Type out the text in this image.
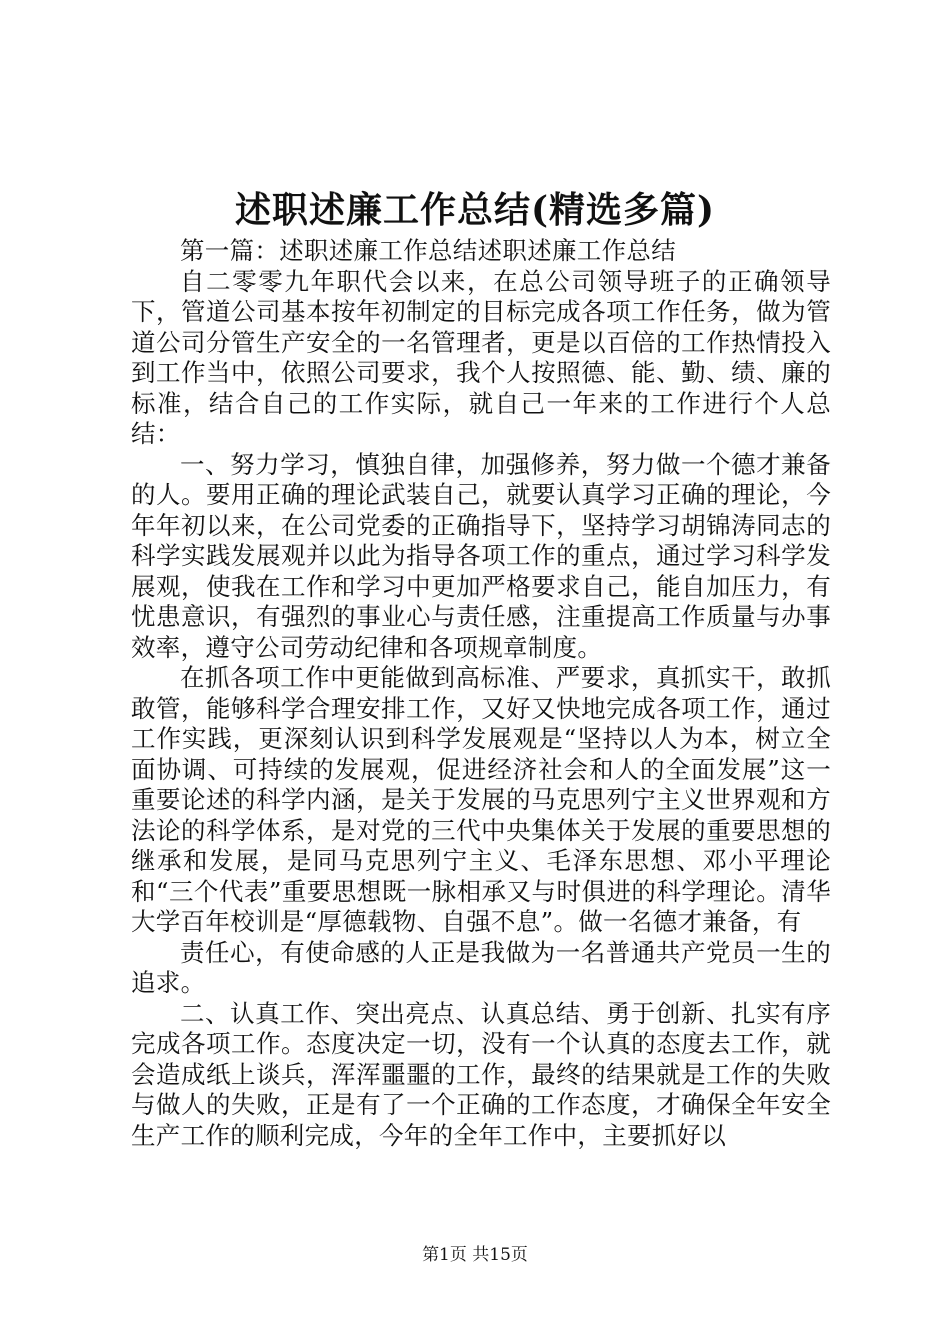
述职述廉工作总结(精选多篇)

第一篇：述职述廉工作总结述职述廉工作总结

自二零零九年职代会以来，在总公司领导班子的正确领导下，管道公司基本按年初制定的目标完成各项工作任务，做为管道公司分管生产安全的一名管理者，更是以百倍的工作热情投入到工作当中，依照公司要求，我个人按照德、能、勤、绩、廉的标准，结合自己的工作实际，就自己一年来的工作进行个人总结：

一、努力学习，慎独自律，加强修养，努力做一个德才兼备的人。要用正确的理论武装自己，就要认真学习正确的理论，今年年初以来，在公司党委的正确指导下，坚持学习胡锦涛同志的科学实践发展观并以此为指导各项工作的重点，通过学习科学发展观，使我在工作和学习中更加严格要求自己，能自加压力，有忧患意识，有强烈的事业心与责任感，注重提高工作质量与办事效率，遵守公司劳动纪律和各项规章制度。

在抓各项工作中更能做到高标准、严要求，真抓实干，敢抓敢管，能够科学合理安排工作，又好又快地完成各项工作，通过工作实践，更深刻认识到科学发展观是“坚持以人为本，树立全面协调、可持续的发展观，促进经济社会和人的全面发展”这一重要论述的科学内涵，是关于发展的马克思列宁主义世界观和方法论的科学体系，是对党的三代中央集体关于发展的重要思想的继承和发展，是同马克思列宁主义、毛泽东思想、邓小平理论和“三个代表”重要思想既一脉相承又与时俱进的科学理论。清华大学百年校训是“厚德载物、自强不息”。做一名德才兼备，有

责任心，有使命感的人正是我做为一名普通共产党员一生的追求。

二、认真工作、突出亮点、认真总结、勇于创新、扎实有序完成各项工作。态度决定一切，没有一个认真的态度去工作，就会造成纸上谈兵，浑浑噩噩的工作，最终的结果就是工作的失败与做人的失败，正是有了一个正确的工作态度，才确保全年安全生产工作的顺利完成，今年的全年工作中，主要抓好以

第1页 共15页
